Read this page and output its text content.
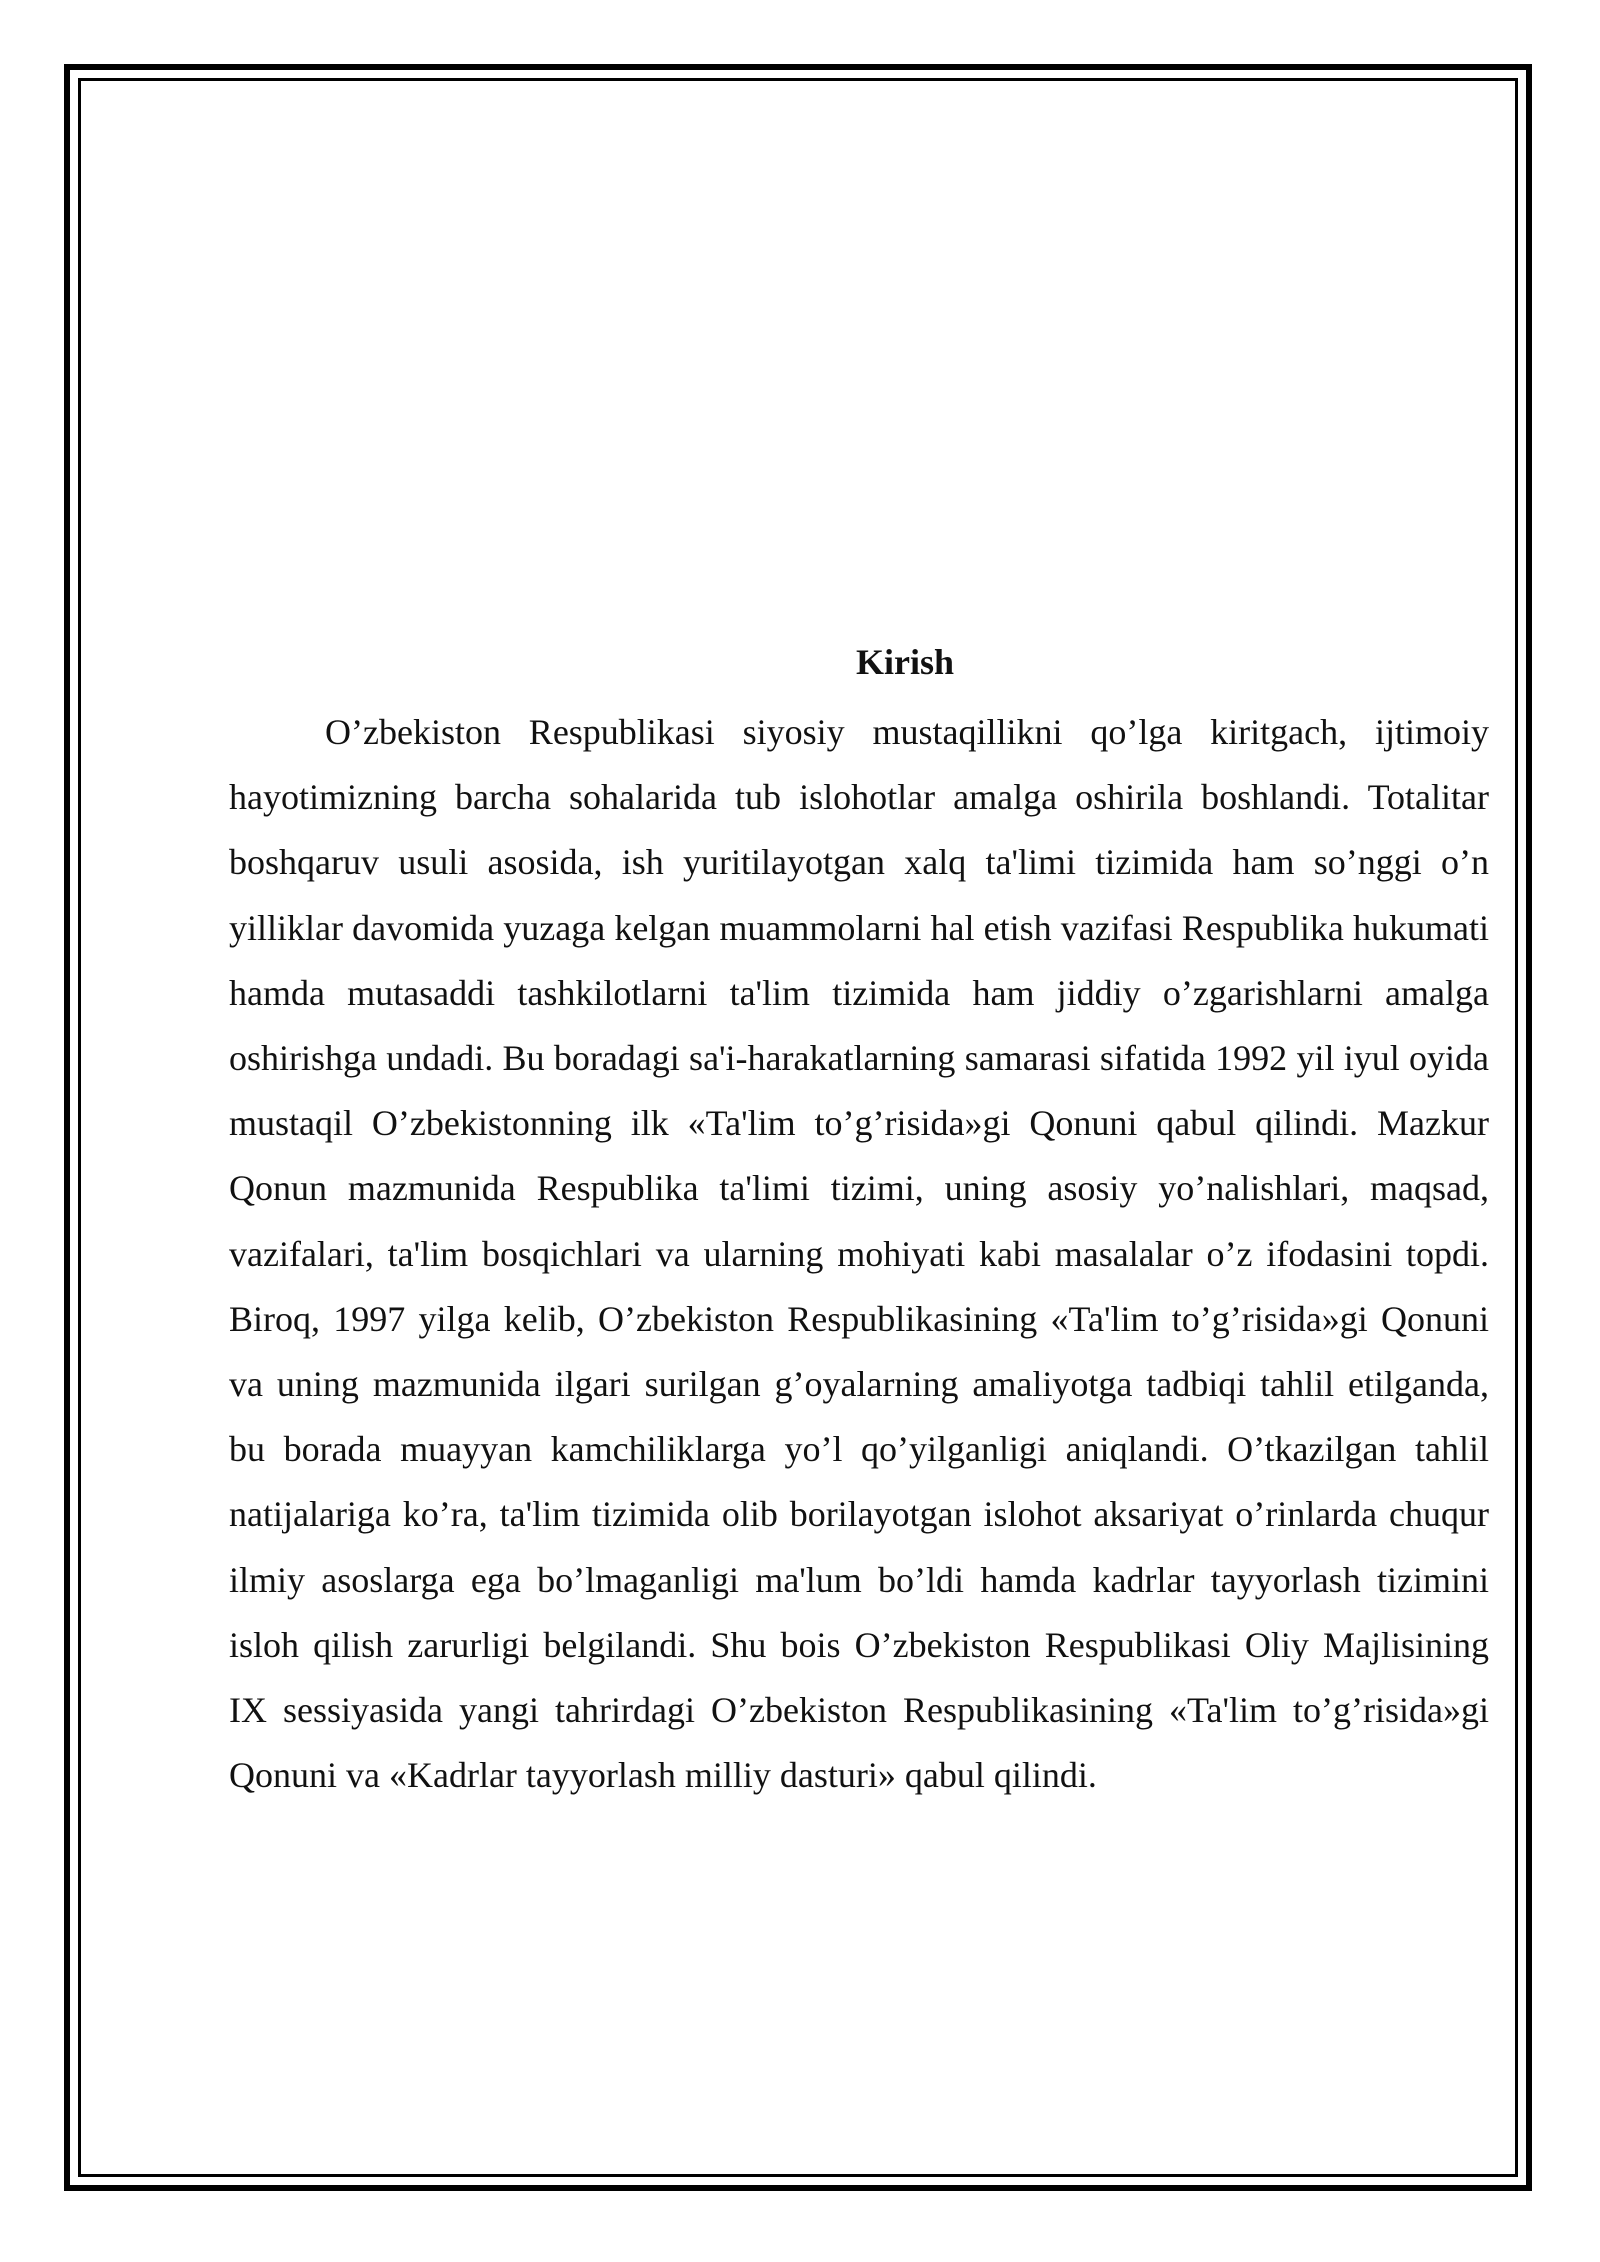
Kirish

O’zbekiston Respublikasi siyosiy mustaqillikni qo’lga kiritgach, ijtimoiy hayotimizning barcha sohalarida tub islohotlar amalga oshirila boshlandi. Totalitar boshqaruv usuli asosida, ish yuritilayotgan xalq ta'limi tizimida ham so’nggi o’n yilliklar davomida yuzaga kelgan muammolarni hal etish vazifasi Respublika hukumati hamda mutasaddi tashkilotlarni ta'lim tizimida ham jiddiy o’zgarishlarni amalga oshirishga undadi. Bu boradagi sa'i-harakatlarning samarasi sifatida 1992 yil iyul oyida mustaqil O’zbekistonning ilk «Ta'lim to’g’risida»gi Qonuni qabul qilindi. Mazkur Qonun mazmunida Respublika ta'limi tizimi, uning asosiy yo’nalishlari, maqsad, vazifalari, ta'lim bosqichlari va ularning mohiyati kabi masalalar o’z ifodasini topdi. Biroq, 1997 yilga kelib, O’zbekiston Respublikasining «Ta'lim to’g’risida»gi Qonuni va uning mazmunida ilgari surilgan g’oyalarning amaliyotga tadbiqi tahlil etilganda, bu borada muayyan kamchiliklarga yo’l qo’yilganligi aniqlandi. O’tkazilgan tahlil natijalariga ko’ra, ta'lim tizimida olib borilayotgan islohot aksariyat o’rinlarda chuqur ilmiy asoslarga ega bo’lmaganligi ma'lum bo’ldi hamda kadrlar tayyorlash tizimini isloh qilish zarurligi belgilandi. Shu bois O’zbekiston Respublikasi Oliy Majlisining IX sessiyasida yangi tahrirdagi O’zbekiston Respublikasining «Ta'lim to’g’risida»gi Qonuni va «Kadrlar tayyorlash milliy dasturi» qabul qilindi.
